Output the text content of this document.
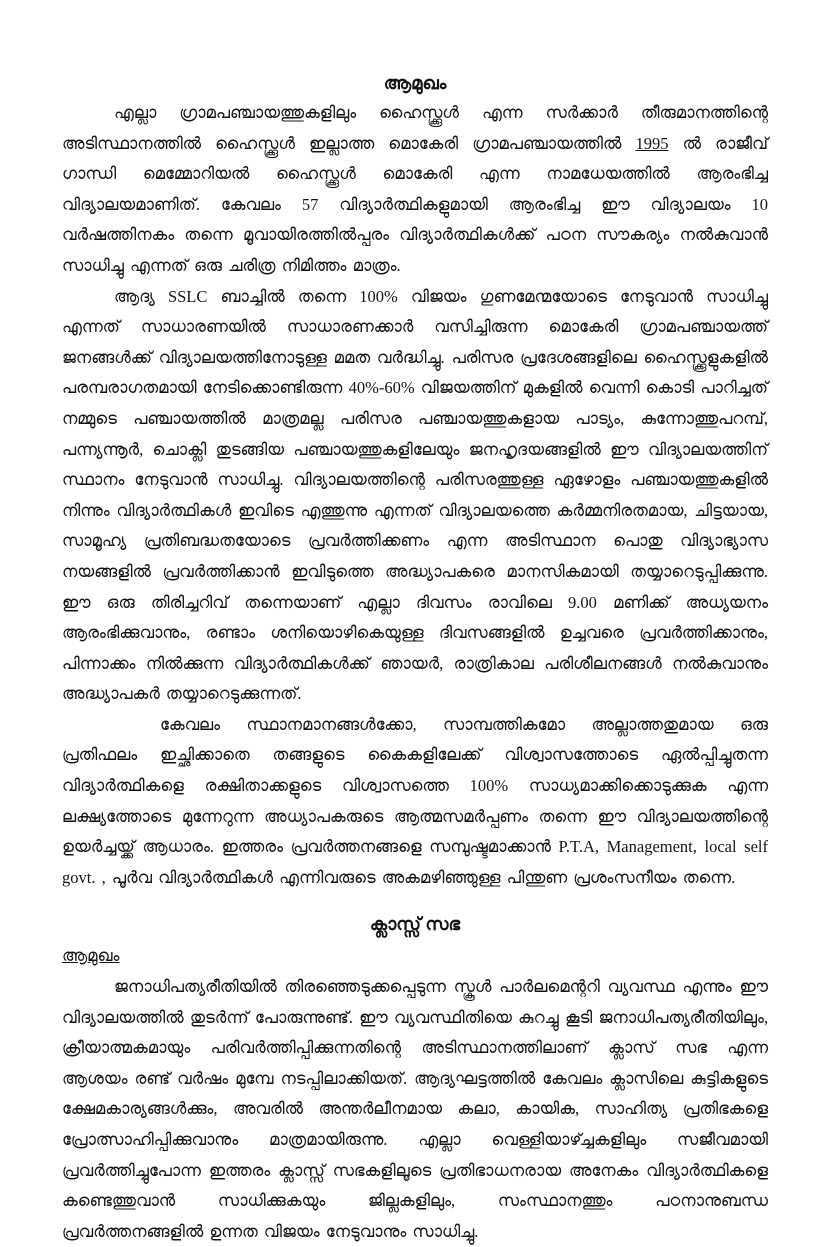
ആമുഖം

എല്ലാ ഗ്രാമപഞ്ചായത്തുകളിലും ഹൈസ്ക്കൂൾ എന്ന സർക്കാർ തീരുമാനത്തിന്റെ അടിസ്ഥാനത്തിൽ ഹൈസ്ക്കൂൾ ഇല്ലാത്ത മൊകേരി ഗ്രാമപഞ്ചായത്തിൽ 1995 ൽ രാജീവ് ഗാന്ധി മെമ്മോറിയൽ ഹൈസ്ക്കൂൾ മൊകേരി എന്ന നാമധേയത്തിൽ ആരംഭിച്ച വിദ്യാലയമാണിത്. കേവലം 57 വിദ്യാർത്ഥികളുമായി ആരംഭിച്ച ഈ വിദ്യാലയം 10 വർഷത്തിനകം തന്നെ മൂവായിരത്തിൽപ്പരം വിദ്യാർത്ഥികൾക്ക് പഠന സൗകര്യം നൽകുവാൻ സാധിച്ചു എന്നത് ഒരു ചരിത്ര നിമിത്തം മാത്രം.

ആദ്യ SSLC ബാച്ചിൽ തന്നെ 100% വിജയം ഗുണമേന്മയോടെ നേടുവാൻ സാധിച്ചു എന്നത് സാധാരണയിൽ സാധാരണക്കാർ വസിച്ചിരുന്ന മൊകേരി ഗ്രാമപഞ്ചായത്ത് ജനങ്ങൾക്ക് വിദ്യാലയത്തിനോടുള്ള മമത വർദ്ധിച്ചു. പരിസര പ്രദേശങ്ങളിലെ ഹൈസ്ക്കൂളുകളിൽ പരമ്പരാഗതമായി നേടിക്കൊണ്ടിരുന്ന 40%-60% വിജയത്തിന് മുകളിൽ വെന്നി കൊടി പാറിച്ചത് നമ്മുടെ പഞ്ചായത്തിൽ മാത്രമല്ല പരിസര പഞ്ചായത്തുകളായ പാട്യം, കുന്നോത്തുപറമ്പ്, പന്ന്യന്നൂർ, ചൊക്ലി തുടങ്ങിയ പഞ്ചായത്തുകളിലേയും ജനഹൃദയങ്ങളിൽ ഈ വിദ്യാലയത്തിന് സ്ഥാനം നേടുവാൻ സാധിച്ചു. വിദ്യാലയത്തിന്റെ പരിസരത്തുള്ള ഏഴോളം പഞ്ചായത്തുകളിൽ നിന്നും വിദ്യാർത്ഥികൾ ഇവിടെ എത്തുന്നു എന്നത് വിദ്യാലയത്തെ കർമ്മനിരതമായ, ചിട്ടയായ, സാമൂഹ്യ പ്രതിബദ്ധതയോടെ പ്രവർത്തിക്കണം എന്ന അടിസ്ഥാന പൊതു വിദ്യാഭ്യാസ നയങ്ങളിൽ പ്രവർത്തിക്കാൻ ഇവിടുത്തെ അദ്ധ്യാപകരെ മാനസികമായി തയ്യാറെടുപ്പിക്കുന്നു. ഈ ഒരു തിരിച്ചറിവ് തന്നെയാണ് എല്ലാ ദിവസം രാവിലെ 9.00 മണിക്ക് അധ്യയനം ആരംഭിക്കുവാനും, രണ്ടാം ശനിയൊഴികെയുള്ള ദിവസങ്ങളിൽ ഉച്ചവരെ പ്രവർത്തിക്കാനും, പിന്നാക്കം നിൽക്കുന്ന വിദ്യാർത്ഥികൾക്ക് ഞായർ, രാത്രികാല പരിശീലനങ്ങൾ നൽകുവാനും അദ്ധ്യാപകർ തയ്യാറെടുക്കുന്നത്.

കേവലം സ്ഥാനമാനങ്ങൾക്കോ, സാമ്പത്തികമോ അല്ലാത്തതുമായ ഒരു പ്രതിഫലം ഇച്ഛിക്കാതെ തങ്ങളുടെ കൈകളിലേക്ക് വിശ്വാസത്തോടെ ഏൽപ്പിച്ചുതന്ന വിദ്യാർത്ഥികളെ രക്ഷിതാക്കളുടെ വിശ്വാസത്തെ 100% സാധ്യമാക്കിക്കൊടുക്കുക എന്ന ലക്ഷ്യത്തോടെ മുന്നേറുന്ന അധ്യാപകരുടെ ആത്മസമർപ്പണം തന്നെ ഈ വിദ്യാലയത്തിന്റെ ഉയർച്ചയ്ക്ക് ആധാരം. ഇത്തരം പ്രവർത്തനങ്ങളെ സമ്പുഷ്ടമാക്കാൻ P.T.A, Management, local self govt. , പൂർവ വിദ്യാർത്ഥികൾ എന്നിവരുടെ അകമഴിഞ്ഞുള്ള പിന്തുണ പ്രശംസനീയം തന്നെ.

ക്ലാസ്സ് സഭ
ആമുഖം

ജനാധിപത്യരീതിയിൽ തിരഞ്ഞെടുക്കപ്പെടുന്ന സ്കൂൾ പാർലമെന്ററി വ്യവസ്ഥ എന്നും ഈ വിദ്യാലയത്തിൽ തുടർന്ന് പോരുന്നുണ്ട്. ഈ വ്യവസ്ഥിതിയെ കുറച്ചു കൂടി ജനാധിപത്യരീതിയിലും, ക്രീയാത്മകമായും പരിവർത്തിപ്പിക്കുന്നതിന്റെ അടിസ്ഥാനത്തിലാണ് ക്ലാസ് സഭ എന്ന ആശയം രണ്ട് വർഷം മുമ്പേ നടപ്പിലാക്കിയത്. ആദ്യഘട്ടത്തിൽ കേവലം ക്ലാസിലെ കുട്ടികളുടെ ക്ഷേമകാര്യങ്ങൾക്കും, അവരിൽ അന്തർലീനമായ കലാ, കായിക, സാഹിത്യ പ്രതിഭകളെ പ്രോത്സാഹിപ്പിക്കുവാനും മാത്രമായിരുന്നു. എല്ലാ വെള്ളിയാഴ്ച്ചകളിലും സജീവമായി പ്രവർത്തിച്ചുപോന്ന ഇത്തരം ക്ലാസ്സ് സഭകളിലൂടെ പ്രതിഭാധനരായ അനേകം വിദ്യാർത്ഥികളെ കണ്ടെത്തുവാൻ സാധിക്കുകയും ജില്ലകളിലും, സംസ്ഥാനത്തും പഠനാനുബന്ധ പ്രവർത്തനങ്ങളിൽ ഉന്നത വിജയം നേടുവാനും സാധിച്ചു.
